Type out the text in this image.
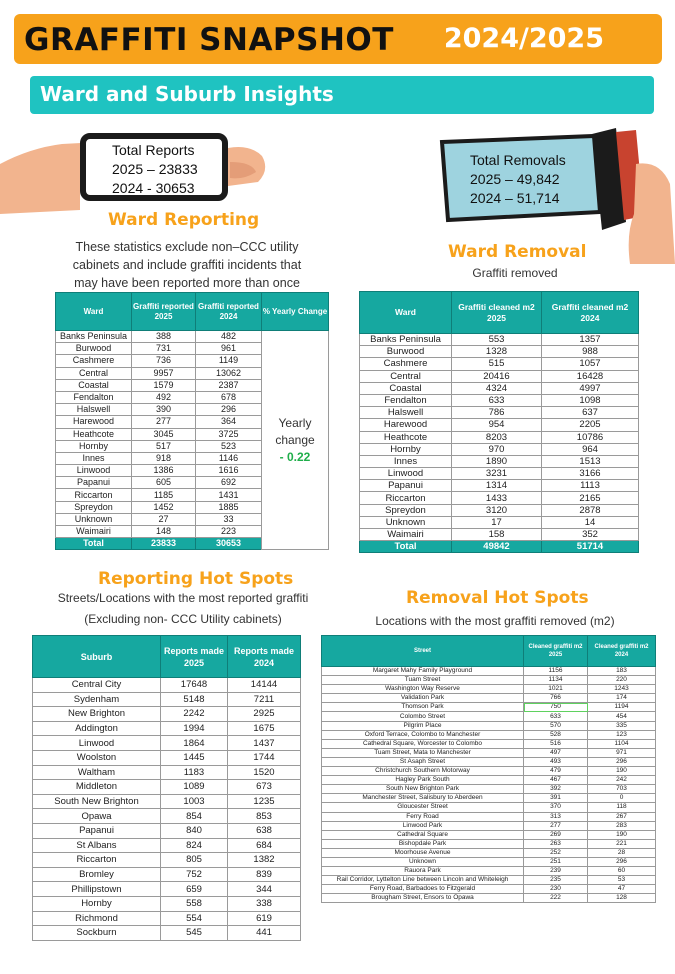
GRAFFITI SNAPSHOT 2024/2025
Ward and Suburb Insights
Total Reports
2025 – 23833
2024 - 30653
Total Removals
2025 – 49,842
2024 – 51,714
Ward Reporting
These statistics exclude non–CCC utility
cabinets and include graffiti incidents that
may have been reported more than once
Ward	Graffiti reported 2025	Graffiti reported 2024	% Yearly Change
Banks Peninsula	388	482	Yearly
change
- 0.22

Burwood	731	961	
Cashmere	736	1149	
Central	9957	13062	
Coastal	1579	2387	
Fendalton	492	678	
Halswell	390	296	
Harewood	277	364	
Heathcote	3045	3725	
Hornby	517	523	
Innes	918	1146	
Linwood	1386	1616	
Papanui	605	692	
Riccarton	1185	1431	
Spreydon	1452	1885	
Unknown	27	33	
Waimairi	148	223	
Total	23833	30653	
Ward Removal
Graffiti removed
Ward	Graffiti cleaned m2 2025	Graffiti cleaned m2 2024
Banks Peninsula	553	1357
Burwood	1328	988
Cashmere	515	1057
Central	20416	16428
Coastal	4324	4997
Fendalton	633	1098
Halswell	786	637
Harewood	954	2205
Heathcote	8203	10786
Hornby	970	964
Innes	1890	1513
Linwood	3231	3166
Papanui	1314	1113
Riccarton	1433	2165
Spreydon	3120	2878
Unknown	17	14
Waimairi	158	352
Total	49842	51714
Reporting Hot Spots
Streets/Locations with the most reported graffiti
(Excluding non- CCC Utility cabinets)
Suburb	Reports made 2025	Reports made 2024
Central City	17648	14144
Sydenham	5148	7211
New Brighton	2242	2925
Addington	1994	1675
Linwood	1864	1437
Woolston	1445	1744
Waltham	1183	1520
Middleton	1089	673
South New Brighton	1003	1235
Opawa	854	853
Papanui	840	638
St Albans	824	684
Riccarton	805	1382
Bromley	752	839
Phillipstown	659	344
Hornby	558	338
Richmond	554	619
Sockburn	545	441
Removal Hot Spots
Locations with the most graffiti removed (m2)
Street	Cleaned graffiti m2 2025	Cleaned graffiti m2 2024
Margaret Mahy Family Playground	1156	183
Tuam Street	1134	220
Washington Way Reserve	1021	1243
Validation Park	766	174
Thomson Park	750	1194
Colombo Street	633	454
Pilgrim Place	570	335
Oxford Terrace, Colombo to Manchester	528	123
Cathedral Square, Worcester to Colombo	516	1104
Tuam Street, Mata to Manchester	497	971
St Asaph Street	493	296
Christchurch Southern Motorway	479	190
Hagley Park South	467	242
South New Brighton Park	392	703
Manchester Street, Salisbury to Aberdeen	391	0
Gloucester Street	370	118
Ferry Road	313	267
Linwood Park	277	283
Cathedral Square	269	190
Bishopdale Park	263	221
Moorhouse Avenue	252	28
Unknown	251	296
Rauora Park	239	60
Rail Corridor, Lyttelton Line between Lincoln and Whiteleigh	235	53
Ferry Road, Barbadoes to Fitzgerald	230	47
Brougham Street, Ensors to Opawa	222	128
